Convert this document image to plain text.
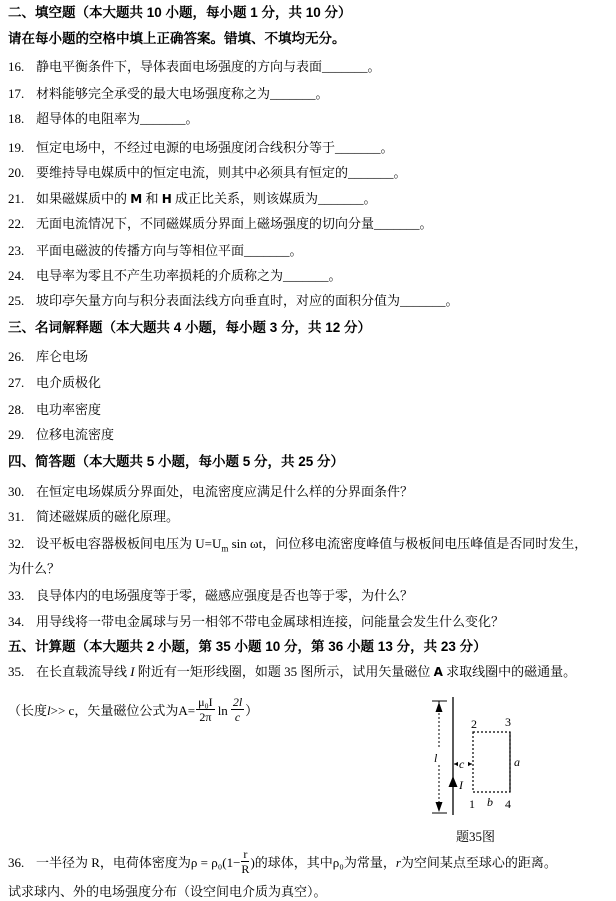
二、填空题（本大题共 10 小题，每小题 1 分，共 10 分）
请在每小题的空格中填上正确答案。错填、不填均无分。
16. 静电平衡条件下，导体表面电场强度的方向与表面_______。
17. 材料能够完全承受的最大电场强度称之为_______。
18. 超导体的电阻率为_______。
19. 恒定电场中，不经过电源的电场强度闭合线积分等于_______。
20. 要维持导电媒质中的恒定电流，则其中必须具有恒定的_______。
21. 如果磁媒质中的 M 和 H 成正比关系，则该媒质为_______。
22. 无面电流情况下，不同磁媒质分界面上磁场强度的切向分量_______。
23. 平面电磁波的传播方向与等相位平面_______。
24. 电导率为零且不产生功率损耗的介质称之为_______。
25. 坡印亭矢量方向与积分表面法线方向垂直时，对应的面积分值为_______。
三、名词解释题（本大题共 4 小题，每小题 3 分，共 12 分）
26. 库仑电场
27. 电介质极化
28. 电功率密度
29. 位移电流密度
四、简答题（本大题共 5 小题，每小题 5 分，共 25 分）
30. 在恒定电场媒质分界面处，电流密度应满足什么样的分界面条件？
31. 简述磁媒质的磁化原理。
32. 设平板电容器极板间电压为 $U=U_m$ sin ωt，问位移电流密度峰值与极板间电压峰值是否同时发生，
为什么？
33. 良导体内的电场强度等于零，磁感应强度是否也等于零，为什么？
34. 用导线将一带电金属球与另一相邻不带电金属球相连接，问能量会发生什么变化？
五、计算题（本大题共 2 小题，第 35 小题 10 分，第 36 小题 13 分，共 23 分）
35. 在长直载流导线 I 附近有一矩形线圈，如题 35 图所示，试用矢量磁位 A 求取线圈中的磁通量。
（长度 l >> c，矢量磁位公式为 $A= \frac{\text{μ₀I}}{2\pi}$ $\ln \frac{2l}{c}$ ）
l
I
c
2 3
1	4
a
b
题35图
36. 一半径为 R，电荷体密度为 $\rho = \rho_0(1- \frac{r}{R}$ ) 的球体，其中 ρ₀ 为常量， r 为空间某点至球心的距离。
试求球内、外的电场强度分布（设空间电介质为真空）。
